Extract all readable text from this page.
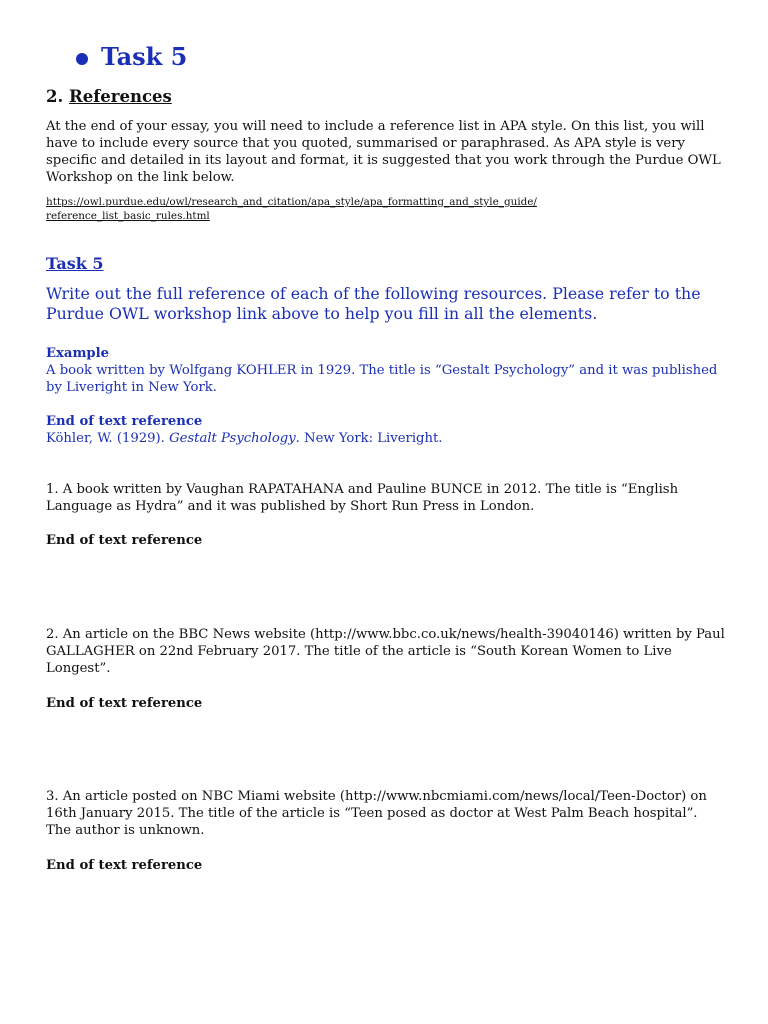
Task 5
2. References
At the end of your essay, you will need to include a reference list in APA style. On this list, you will have to include every source that you quoted, summarised or paraphrased. As APA style is very specific and detailed in its layout and format, it is suggested that you work through the Purdue OWL Workshop on the link below.
https://owl.purdue.edu/owl/research_and_citation/apa_style/apa_formatting_and_style_guide/
reference_list_basic_rules.html
Task 5
Write out the full reference of each of the following resources. Please refer to the Purdue OWL workshop link above to help you fill in all the elements.
Example
A book written by Wolfgang KOHLER in 1929. The title is “Gestalt Psychology” and it was published by Liveright in New York.
End of text reference
Köhler, W. (1929). Gestalt Psychology. New York: Liveright.
1. A book written by Vaughan RAPATAHANA and Pauline BUNCE in 2012. The title is “English Language as Hydra” and it was published by Short Run Press in London.
End of text reference
2. An article on the BBC News website (http://www.bbc.co.uk/news/health-39040146) written by Paul GALLAGHER on 22nd February 2017. The title of the article is “South Korean Women to Live Longest”.
End of text reference
3. An article posted on NBC Miami website (http://www.nbcmiami.com/news/local/Teen-Doctor) on 16th January 2015. The title of the article is “Teen posed as doctor at West Palm Beach hospital”. The author is unknown.
End of text reference
